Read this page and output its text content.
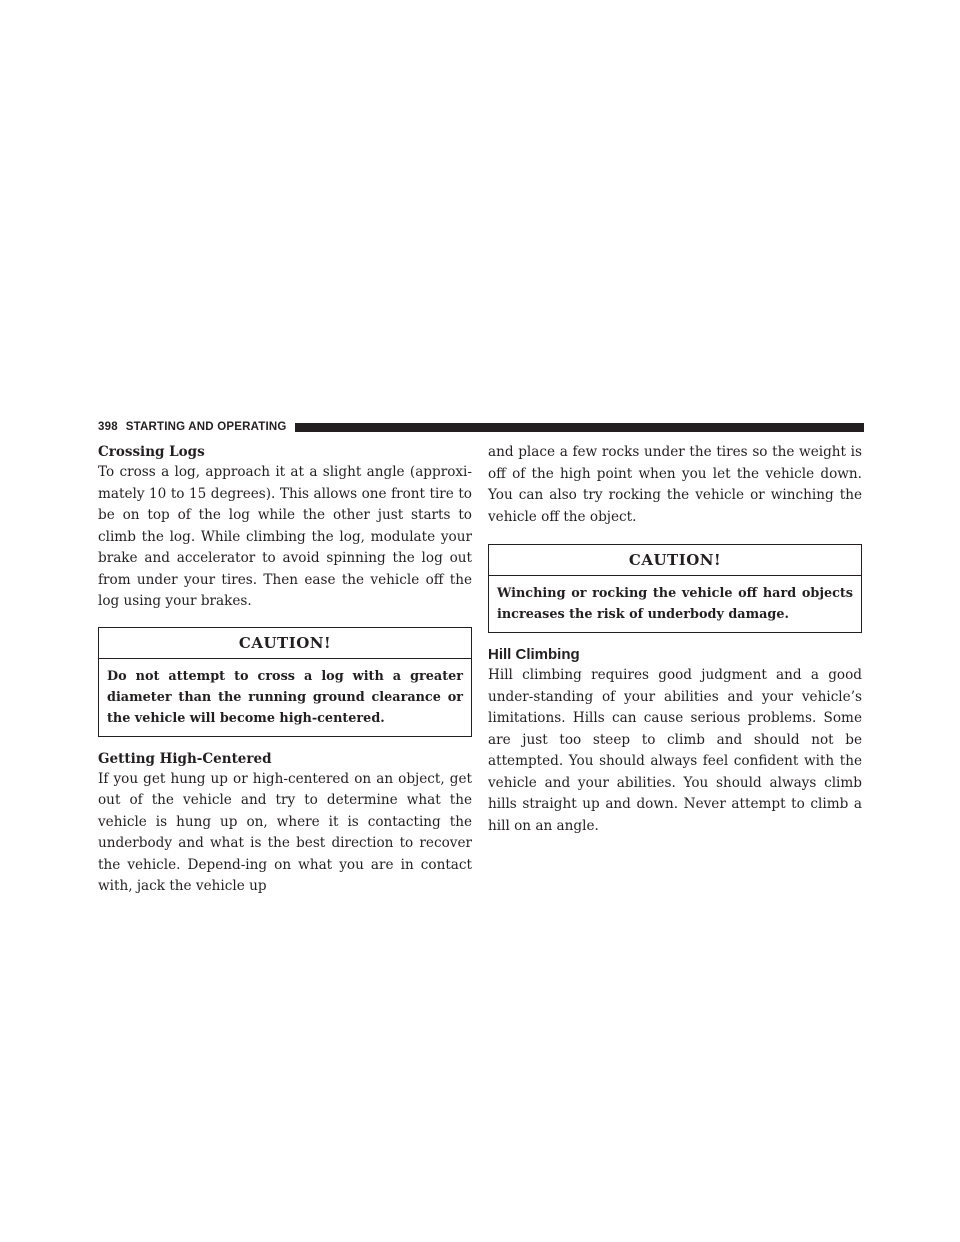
398 STARTING AND OPERATING
Crossing Logs

To cross a log, approach it at a slight angle (approxi-mately 10 to 15 degrees). This allows one front tire to be on top of the log while the other just starts to climb the log. While climbing the log, modulate your brake and accelerator to avoid spinning the log out from under your tires. Then ease the vehicle off the log using your brakes.

CAUTION!
Do not attempt to cross a log with a greater diameter than the running ground clearance or the vehicle will become high-centered.
Getting High-Centered

If you get hung up or high-centered on an object, get out of the vehicle and try to determine what the vehicle is hung up on, where it is contacting the underbody and what is the best direction to recover the vehicle. Depend-ing on what you are in contact with, jack the vehicle up

and place a few rocks under the tires so the weight is off of the high point when you let the vehicle down. You can also try rocking the vehicle or winching the vehicle off the object.

CAUTION!
Winching or rocking the vehicle off hard objects increases the risk of underbody damage.
Hill Climbing

Hill climbing requires good judgment and a good under-standing of your abilities and your vehicle’s limitations. Hills can cause serious problems. Some are just too steep to climb and should not be attempted. You should always feel confident with the vehicle and your abilities. You should always climb hills straight up and down. Never attempt to climb a hill on an angle.
